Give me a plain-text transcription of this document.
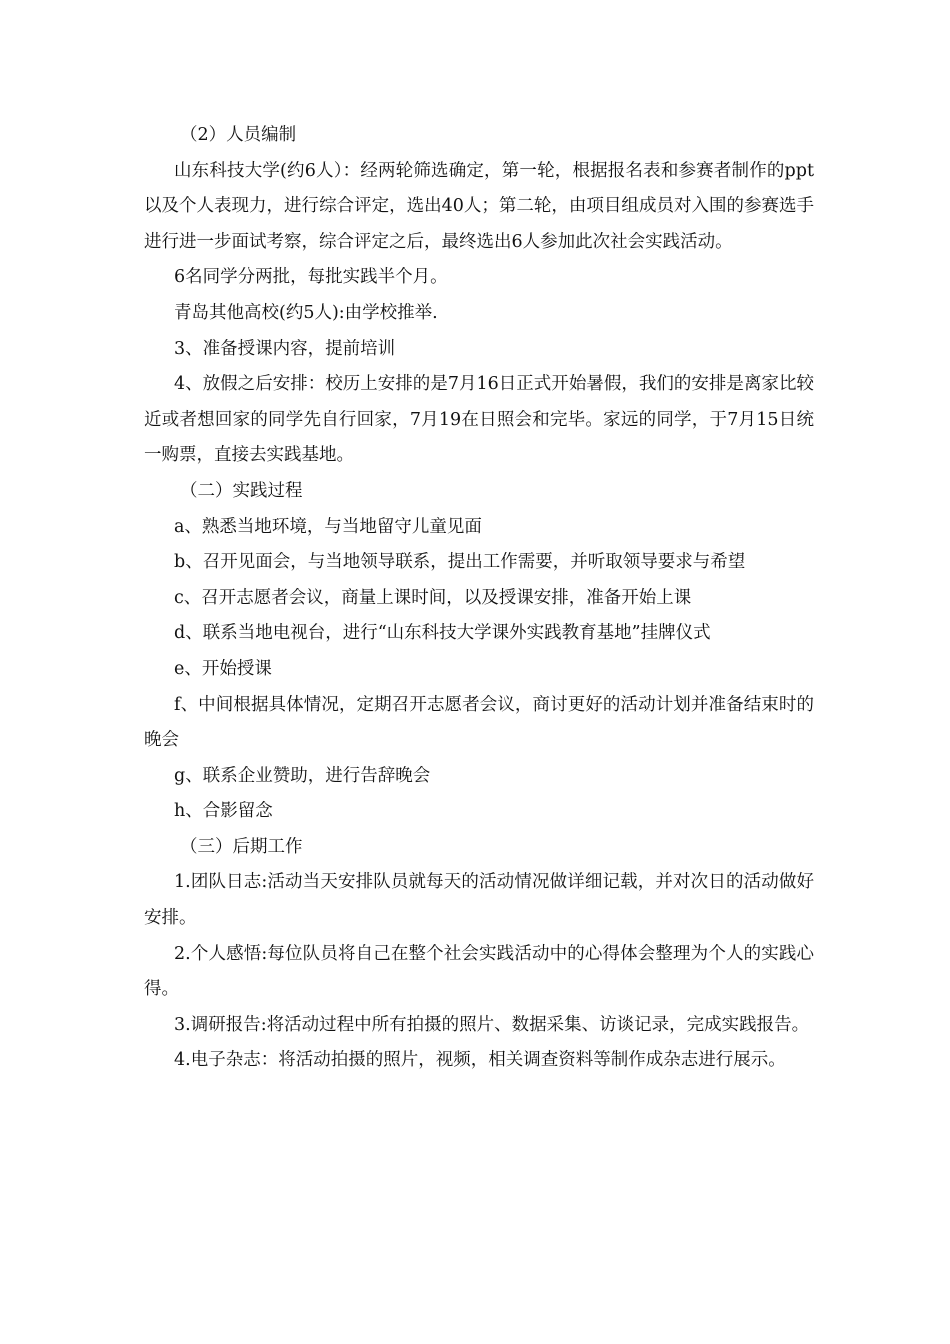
（2）人员编制

山东科技大学(约6人）：经两轮筛选确定，第一轮，根据报名表和参赛者制作的ppt以及个人表现力，进行综合评定，选出40人；第二轮，由项目组成员对入围的参赛选手进行进一步面试考察，综合评定之后，最终选出6人参加此次社会实践活动。

6名同学分两批，每批实践半个月。

青岛其他高校(约5人):由学校推举.

3、准备授课内容，提前培训

4、放假之后安排：校历上安排的是7月16日正式开始暑假，我们的安排是离家比较近或者想回家的同学先自行回家，7月19在日照会和完毕。家远的同学，于7月15日统一购票，直接去实践基地。

（二）实践过程

a、熟悉当地环境，与当地留守儿童见面

b、召开见面会，与当地领导联系，提出工作需要，并听取领导要求与希望

c、召开志愿者会议，商量上课时间，以及授课安排，准备开始上课

d、联系当地电视台，进行“山东科技大学课外实践教育基地”挂牌仪式

e、开始授课

f、中间根据具体情况，定期召开志愿者会议，商讨更好的活动计划并准备结束时的晚会

g、联系企业赞助，进行告辞晚会

h、合影留念

（三）后期工作

1.团队日志:活动当天安排队员就每天的活动情况做详细记载，并对次日的活动做好安排。

2.个人感悟:每位队员将自己在整个社会实践活动中的心得体会整理为个人的实践心得。

3.调研报告:将活动过程中所有拍摄的照片、数据采集、访谈记录，完成实践报告。

4.电子杂志：将活动拍摄的照片，视频，相关调查资料等制作成杂志进行展示。
